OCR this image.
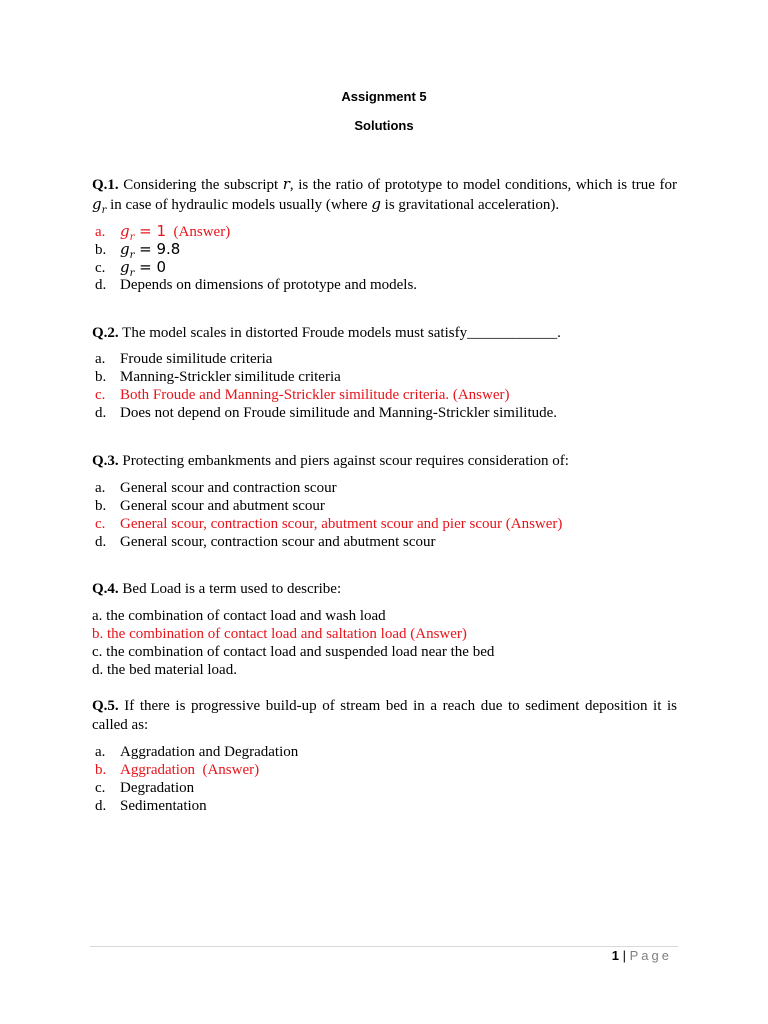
Assignment 5
Solutions
Q.1. Considering the subscript r, is the ratio of prototype to model conditions, which is true for $g_r$ in case of hydraulic models usually (where g is gravitational acceleration).
a. $g_r = 1$  (Answer)
b. $g_r = 9.8$
c. $g_r = 0$
d. Depends on dimensions of prototype and models.
Q.2. The model scales in distorted Froude models must satisfy____________.
a. Froude similitude criteria
b. Manning-Strickler similitude criteria
c. Both Froude and Manning-Strickler similitude criteria. (Answer)
d. Does not depend on Froude similitude and Manning-Strickler similitude.
Q.3. Protecting embankments and piers against scour requires consideration of:
a. General scour and contraction scour
b. General scour and abutment scour
c. General scour, contraction scour, abutment scour and pier scour (Answer)
d. General scour, contraction scour and abutment scour
Q.4. Bed Load is a term used to describe:
a. the combination of contact load and wash load
b. the combination of contact load and saltation load (Answer)
c. the combination of contact load and suspended load near the bed
d. the bed material load.
Q.5. If there is progressive build-up of stream bed in a reach due to sediment deposition it is called as:
a. Aggradation and Degradation
b. Aggradation  (Answer)
c. Degradation
d. Sedimentation
1 | Page
